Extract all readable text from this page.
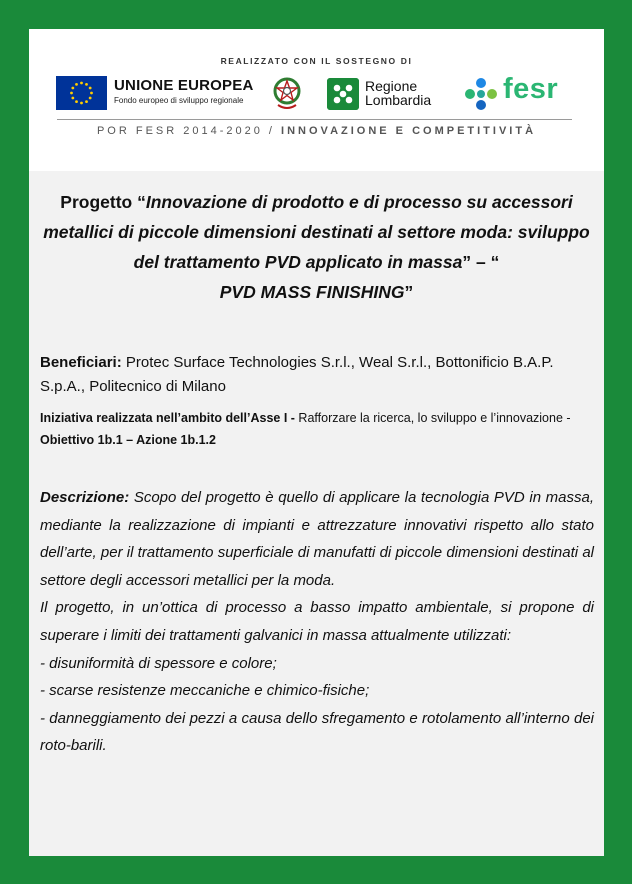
REALIZZATO CON IL SOSTEGNO DI
UNIONE EUROPEA
Fondo europeo di sviluppo regionale
Regione
Lombardia fesr
POR FESR 2014-2020 / INNOVAZIONE E COMPETITIVITÀ
Progetto “Innovazione di prodotto e di processo su accessori metallici di piccole dimensioni destinati al settore moda: sviluppo del trattamento PVD applicato in massa” – “
PVD MASS FINISHING”
Beneficiari: Protec Surface Technologies S.r.l., Weal S.r.l., Bottonificio B.A.P. S.p.A., Politecnico di Milano
Iniziativa realizzata nell’ambito dell’Asse I - Rafforzare la ricerca, lo sviluppo e l’innovazione - Obiettivo 1b.1 – Azione 1b.1.2

Descrizione: Scopo del progetto è quello di applicare la tecnologia PVD in massa, mediante la realizzazione di impianti e attrezzature innovativi rispetto allo stato dell’arte, per il trattamento superficiale di manufatti di piccole dimensioni destinati al settore degli accessori metallici per la moda.

Il progetto, in un’ottica di processo a basso impatto ambientale, si propone di superare i limiti dei trattamenti galvanici in massa attualmente utilizzati:

- disuniformità di spessore e colore;

- scarse resistenze meccaniche e chimico-fisiche;

- danneggiamento dei pezzi a causa dello sfregamento e rotolamento all’interno dei roto-barili.
